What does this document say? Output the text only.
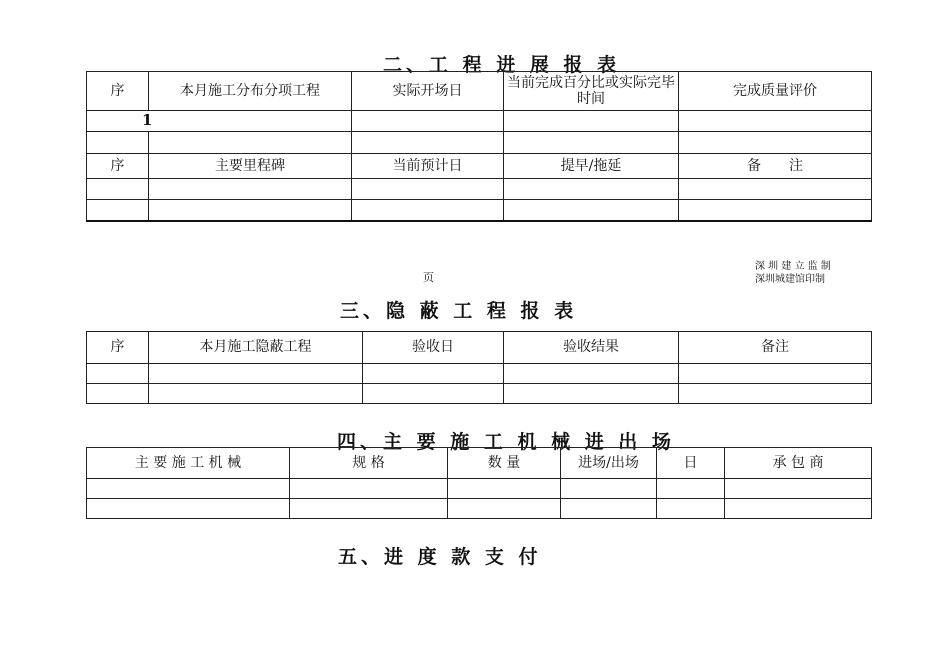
二、工 程 进 展 报 表
序	本月施工分布分项工程	实际开场日	当前完成百分比或实际完毕时间	完成质量评价
1				

序	主要里程碑	当前预计日	提早/拖延	备　　注

页
深 圳 建 立 监 制
深圳城建馆印制
三、隐 蔽 工 程 报 表
序	本月施工隐蔽工程	验收日	验收结果	备注

四、主 要 施 工 机 械 进 出 场
主 要 施 工 机 械	规 格	数 量	进场/出场	日	承 包 商

五、进 度 款 支 付
